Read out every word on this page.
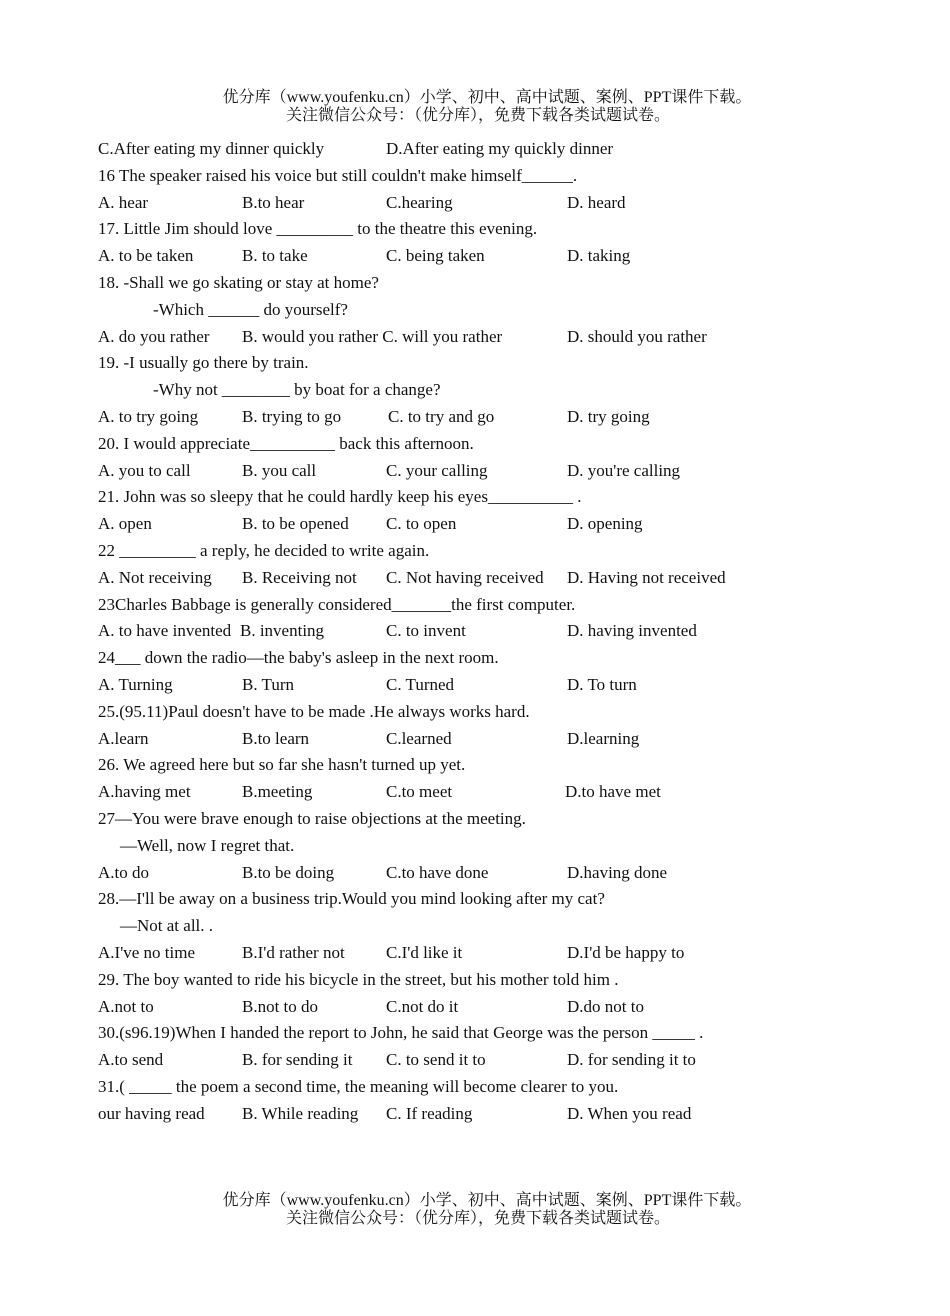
优分库（www.youfenku.cn）小学、初中、高中试题、案例、PPT课件下载。
关注微信公众号：（优分库），免费下载各类试题试卷。
C.After eating my dinner quickly	D.After eating my quickly dinner
16 The speaker raised his voice but still couldn't make himself______.
A. hear	B.to hear	C.hearing	D. heard
17. Little Jim should love _________ to the theatre this evening.
A. to be taken	B. to take	C. being taken	D. taking
18. -Shall we go skating or stay at home?
-Which ______ do yourself?
A. do you rather B. would you rather C. will you rather	D. should you rather
19. -I usually go there by train.
-Why not ________ by boat for a change?
A. to try going	B. trying to go	C. to try and go	D. try going
20. I would appreciate__________ back this afternoon.
A. you to call	B. you call	C. your calling	D. you're calling
21. John was so sleepy that he could hardly keep his eyes__________ .
A. open	B. to be opened C. to open	D. opening
22 _________ a reply, he decided to write again.
A. Not receiving B. Receiving not C. Not having received D. Having not received
23Charles Babbage is generally considered_______the first computer.
A. to have invented B. inventing	C. to invent	D. having invented
24___ down the radio—the baby's asleep in the next room.
A. Turning	B. Turn	C. Turned	D. To turn
25.(95.11)Paul doesn't have to be made .He always works hard.
A.learn	B.to learn	C.learned	D.learning
26. We agreed here but so far she hasn't turned up yet.
A.having met	B.meeting	C.to meet	D.to have met
27—You were brave enough to raise objections at the meeting.
—Well, now I regret that.
A.to do	B.to be doing	C.to have done	D.having done
28.—I'll be away on a business trip.Would you mind looking after my cat?
—Not at all. .
A.I've no time	B.I'd rather not C.I'd like it	D.I'd be happy to
29. The boy wanted to ride his bicycle in the street, but his mother told him .
A.not to	B.not to do	C.not do it	D.do not to
30.(s96.19)When I handed the report to John, he said that George was the person _____ .
A.to send	B. for sending it C. to send it to	D. for sending it to
31.( _____ the poem a second time, the meaning will become clearer to you.
our having read B. While reading C. If reading	D. When you read
优分库（www.youfenku.cn）小学、初中、高中试题、案例、PPT课件下载。
关注微信公众号：（优分库），免费下载各类试题试卷。
